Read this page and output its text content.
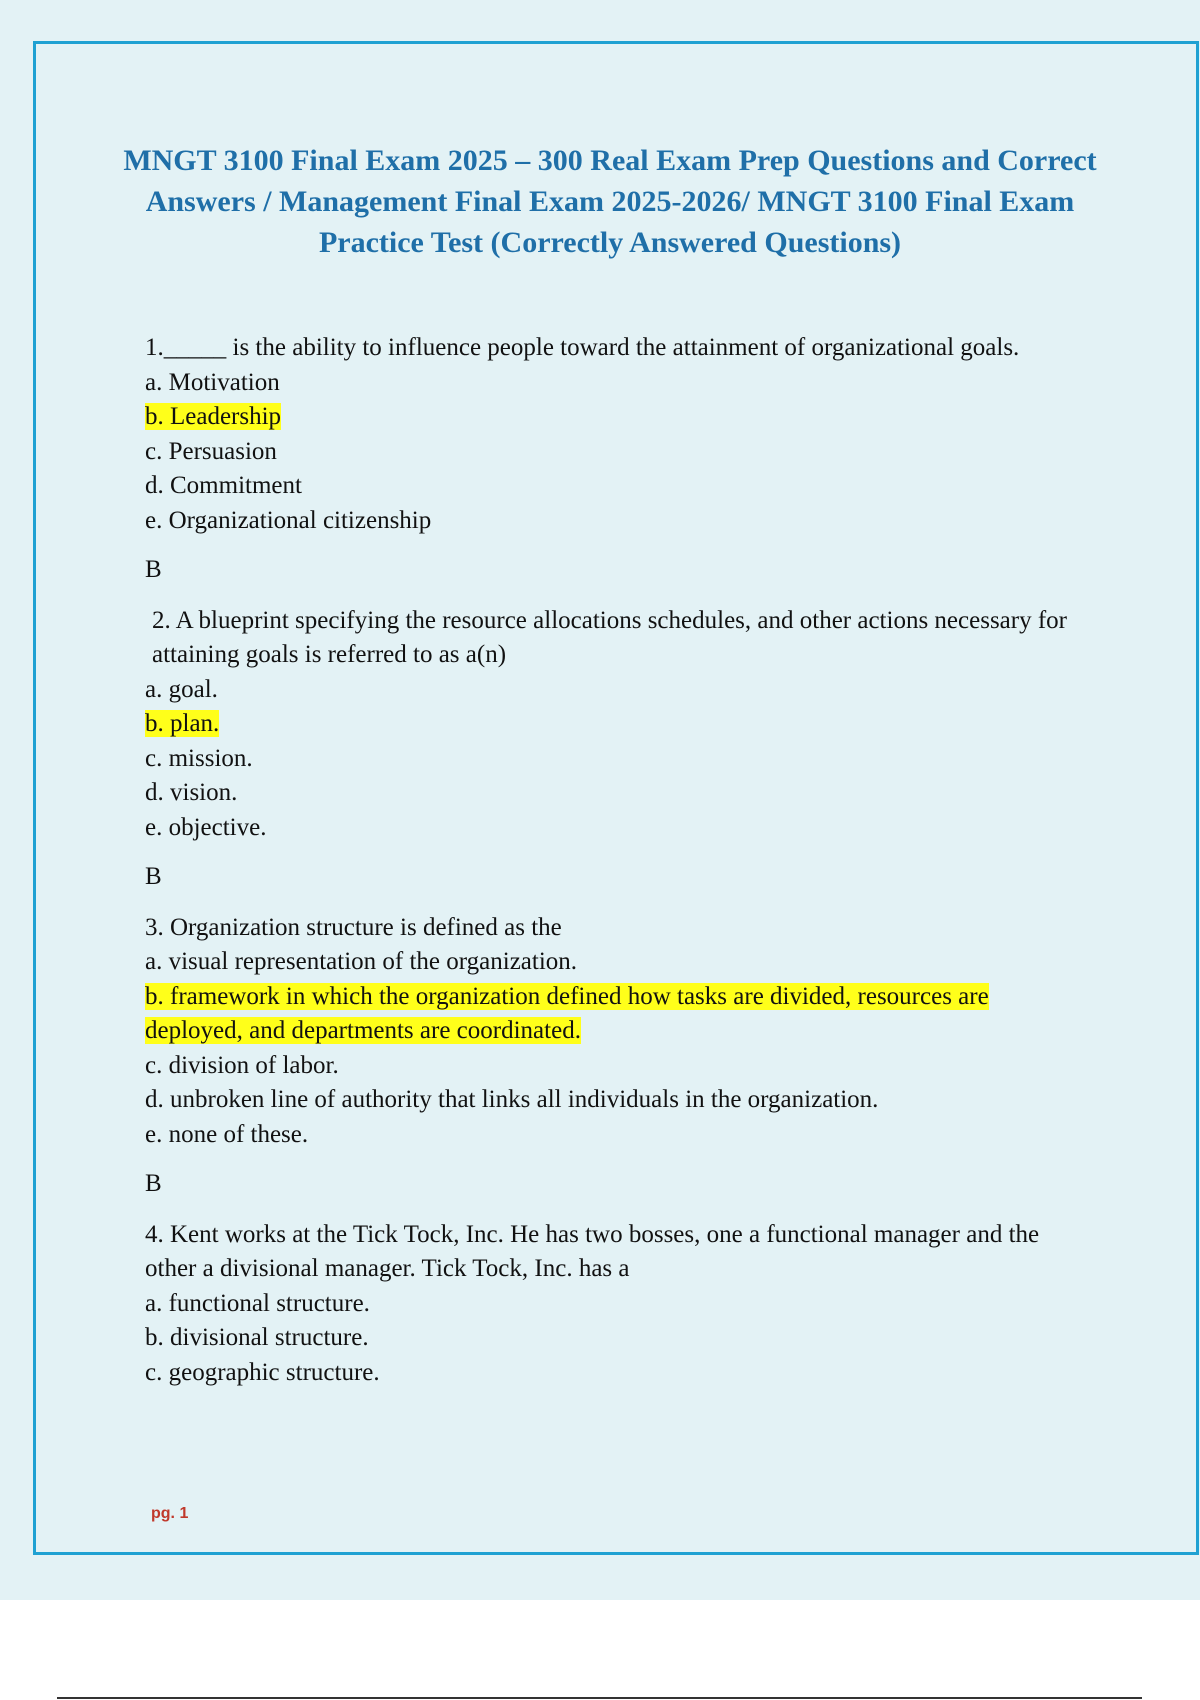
MNGT 3100 Final Exam 2025 – 300 Real Exam Prep Questions and Correct Answers / Management Final Exam 2025-2026/ MNGT 3100 Final Exam Practice Test (Correctly Answered Questions)

1._____ is the ability to influence people toward the attainment of organizational goals.

a. Motivation

b. Leadership

c. Persuasion

d. Commitment

e. Organizational citizenship

B

2. A blueprint specifying the resource allocations schedules, and other actions necessary for attaining goals is referred to as a(n)

a. goal.

b. plan.

c. mission.

d. vision.

e. objective.

B

3. Organization structure is defined as the

a. visual representation of the organization.

b. framework in which the organization defined how tasks are divided, resources are deployed, and departments are coordinated.

c. division of labor.

d. unbroken line of authority that links all individuals in the organization.

e. none of these.

B

4. Kent works at the Tick Tock, Inc. He has two bosses, one a functional manager and the other a divisional manager. Tick Tock, Inc. has a

a. functional structure.

b. divisional structure.

c. geographic structure.

pg. 1
